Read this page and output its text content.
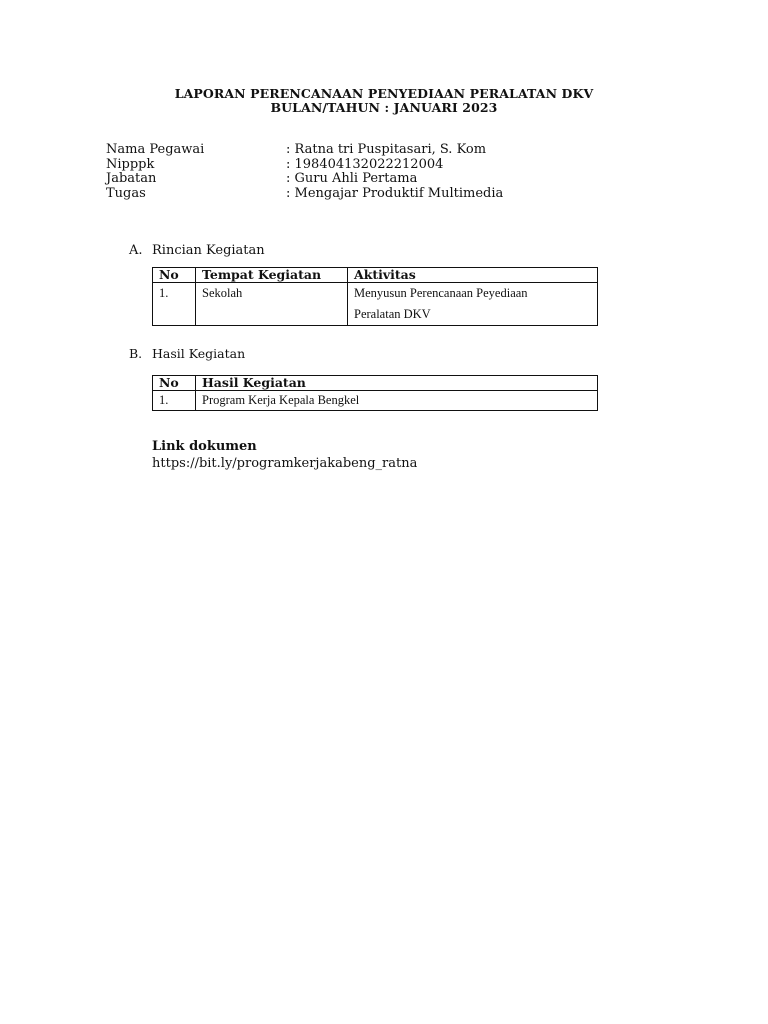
LAPORAN PERENCANAAN PENYEDIAAN PERALATAN DKV
BULAN/TAHUN : JANUARI 2023
Nama Pegawai	: Ratna tri Puspitasari, S. Kom
Nipppk	: 198404132022212004
Jabatan	: Guru Ahli Pertama
Tugas	: Mengajar Produktif Multimedia
A. Rincian Kegiatan
No	Tempat Kegiatan	Aktivitas
1.	Sekolah	Menyusun Perencanaan Peyediaan
Peralatan DKV
B. Hasil Kegiatan
No	Hasil Kegiatan
1.	Program Kerja Kepala Bengkel
Link dokumen
https://bit.ly/programkerjakabeng_ratna
